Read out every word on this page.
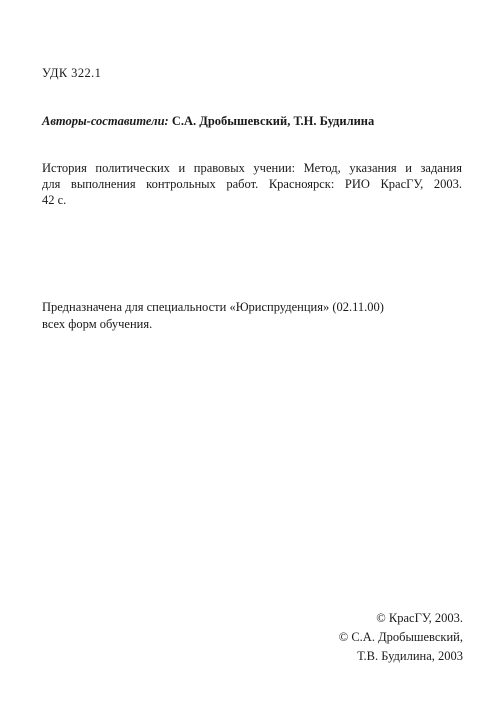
УДК 322.1
Авторы-составители: С.А. Дробышевский, Т.Н. Будилина
История политических и правовых учении: Метод, указания и задания
для выполнения контрольных работ. Красноярск: РИО КрасГУ, 2003.
42 с.
Предназначена для специальности «Юриспруденция» (02.11.00)
всех форм обучения.
© КрасГУ, 2003.
© С.А. Дробышевский,
Т.В. Будилина, 2003
